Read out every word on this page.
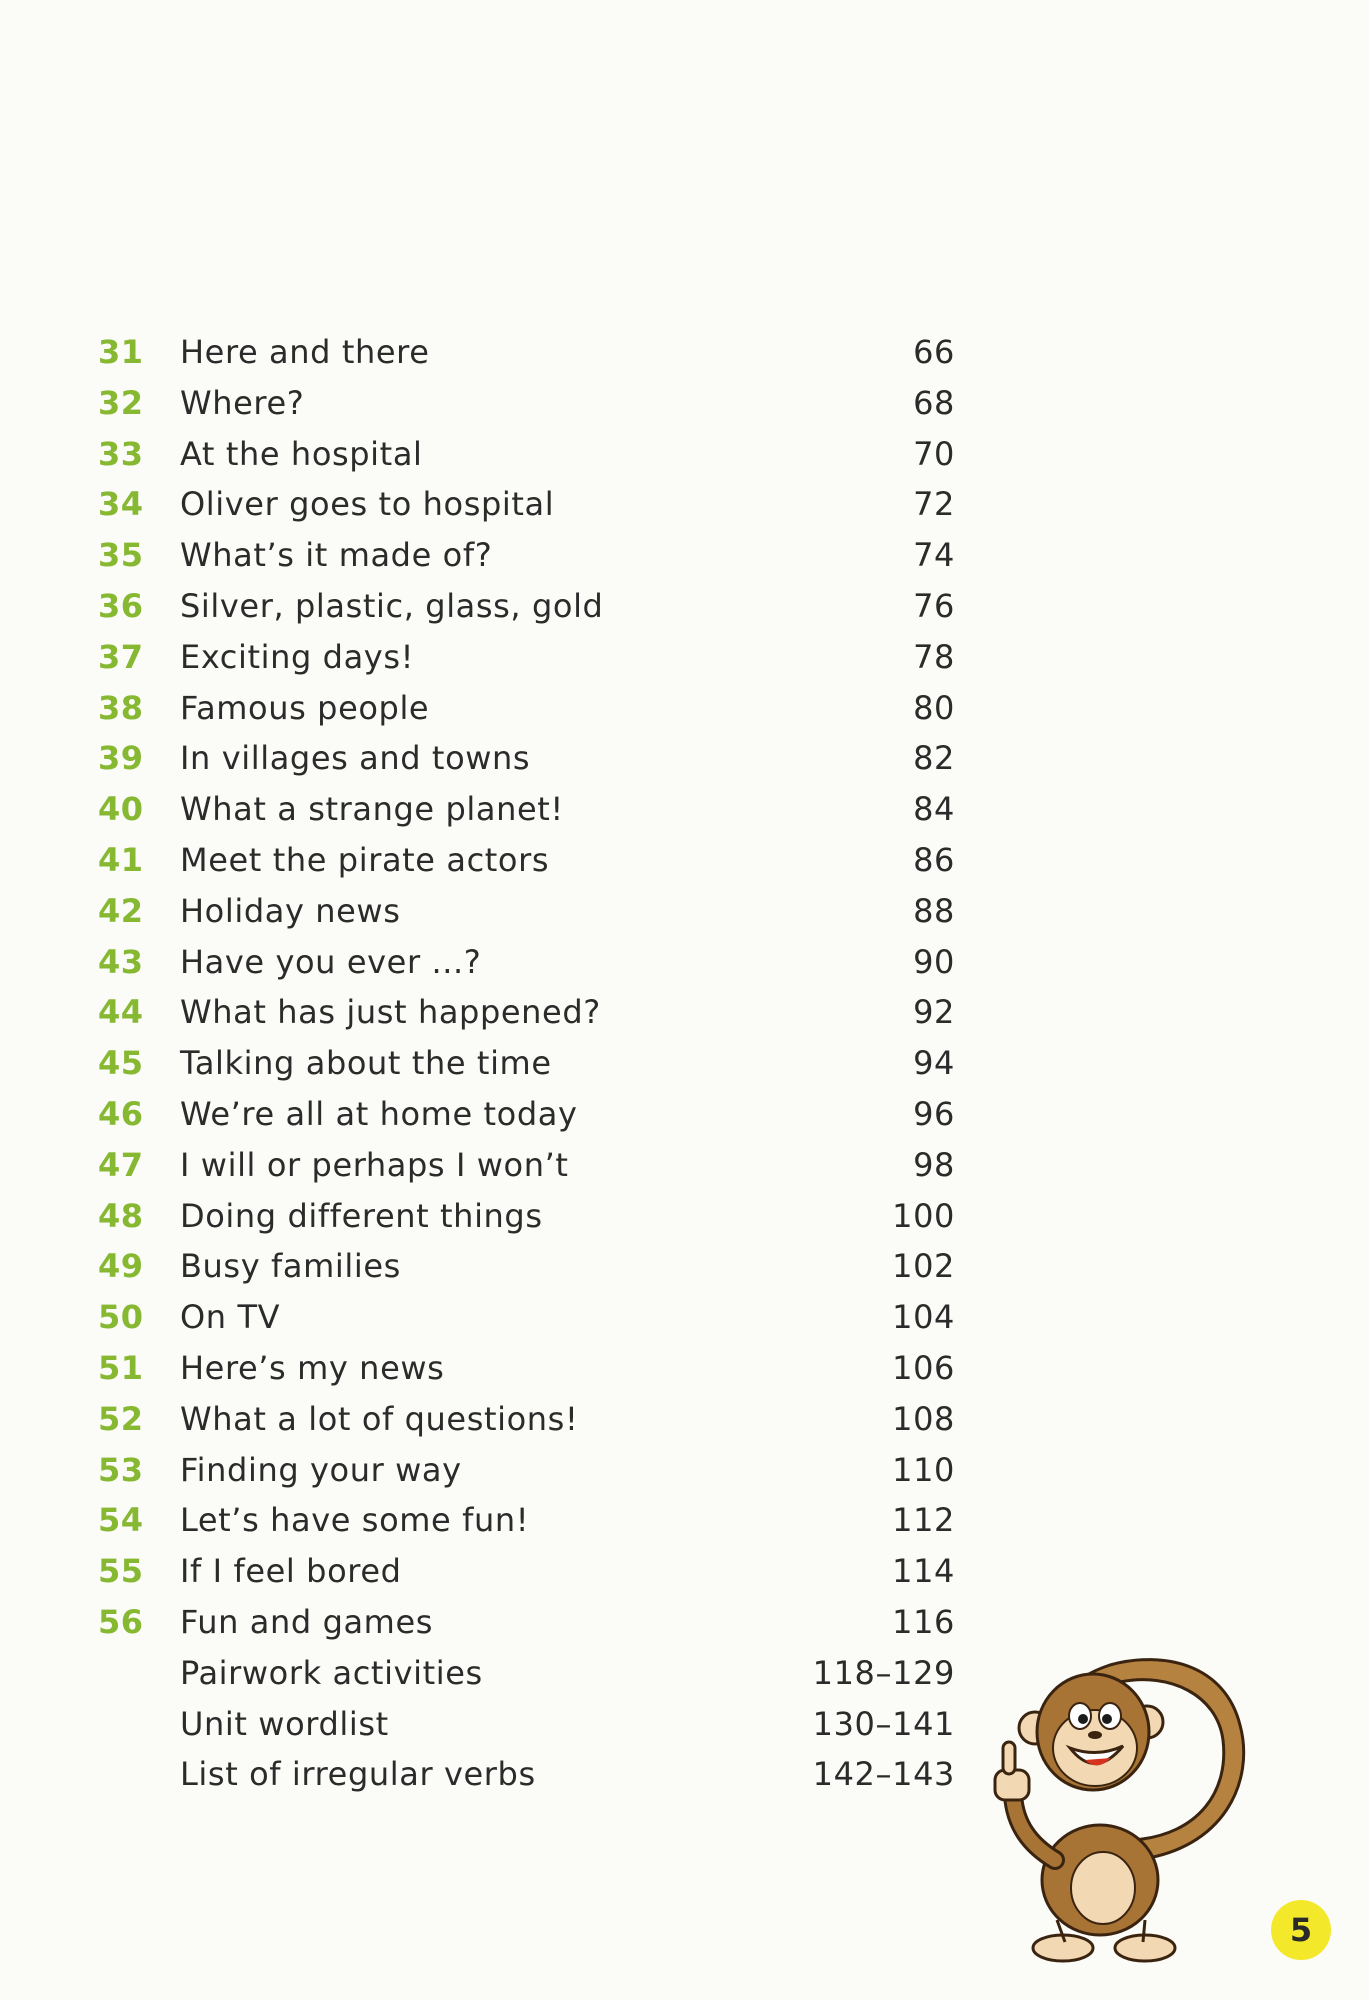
31	Here and there	66
32	Where?	68
33	At the hospital	70
34	Oliver goes to hospital	72
35	What’s it made of?	74
36	Silver, plastic, glass, gold	76
37	Exciting days!	78
38	Famous people	80
39	In villages and towns	82
40	What a strange planet!	84
41	Meet the pirate actors	86
42	Holiday news	88
43	Have you ever ...?	90
44	What has just happened?	92
45	Talking about the time	94
46	We’re all at home today	96
47	I will or perhaps I won’t	98
48	Doing different things	100
49	Busy families	102
50	On TV	104
51	Here’s my news	106
52	What a lot of questions!	108
53	Finding your way	110
54	Let’s have some fun!	112
55	If I feel bored	114
56	Fun and games	116
Pairwork activities	118–129
Unit wordlist	130–141
List of irregular verbs	142–143
5
